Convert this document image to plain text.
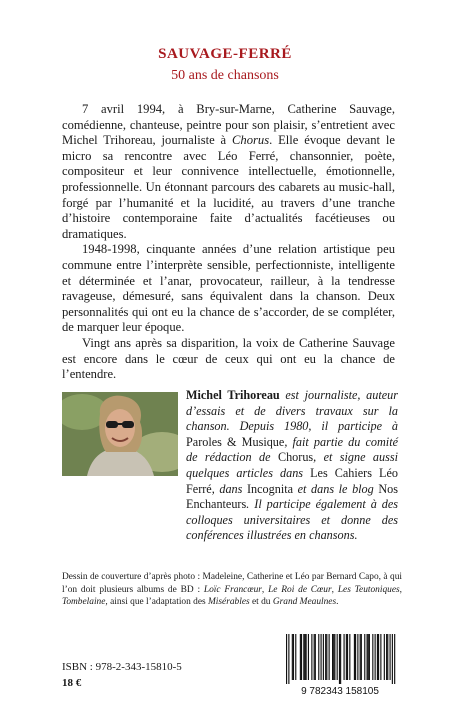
SAUVAGE-FERRÉ
50 ans de chansons

7 avril 1994, à Bry-sur-Marne, Catherine Sauvage, comédienne, chanteuse, peintre pour son plaisir, s’entretient avec Michel Trihoreau, journaliste à Chorus. Elle évoque devant le micro sa rencontre avec Léo Ferré, chansonnier, poète, compositeur et leur connivence intellectuelle, émotionnelle, professionnelle. Un étonnant parcours des cabarets au music-hall, forgé par l’humanité et la lucidité, au travers d’une tranche d’histoire contemporaine faite d’actualités facétieuses ou dramatiques.

1948-1998, cinquante années d’une relation artistique peu commune entre l’interprète sensible, perfectionniste, intelligente et déterminée et l’anar, provocateur, railleur, à la tendresse ravageuse, démesuré, sans équivalent dans la chanson. Deux personnalités qui ont eu la chance de s’accorder, de se compléter, de marquer leur époque.

Vingt ans après sa disparition, la voix de Catherine Sauvage est encore dans le cœur de ceux qui ont eu la chance de l’entendre.

Michel Trihoreau est journaliste, auteur d’essais et de divers travaux sur la chanson. Depuis 1980, il participe à Paroles & Musique, fait partie du comité de rédaction de Chorus, et signe aussi quelques articles dans Les Cahiers Léo Ferré, dans Incognita et dans le blog Nos Enchanteurs. Il participe également à des colloques universitaires et donne des conférences illustrées en chansons.
Dessin de couverture d’après photo : Madeleine, Catherine et Léo par Bernard Capo, à qui l’on doit plusieurs albums de BD : Loïc Francœur, Le Roi de Cœur, Les Teutoniques, Tombelaine, ainsi que l’adaptation des Misérables et du Grand Meaulnes.
ISBN : 978-2-343-15810-5
18 €
9 782343 158105
